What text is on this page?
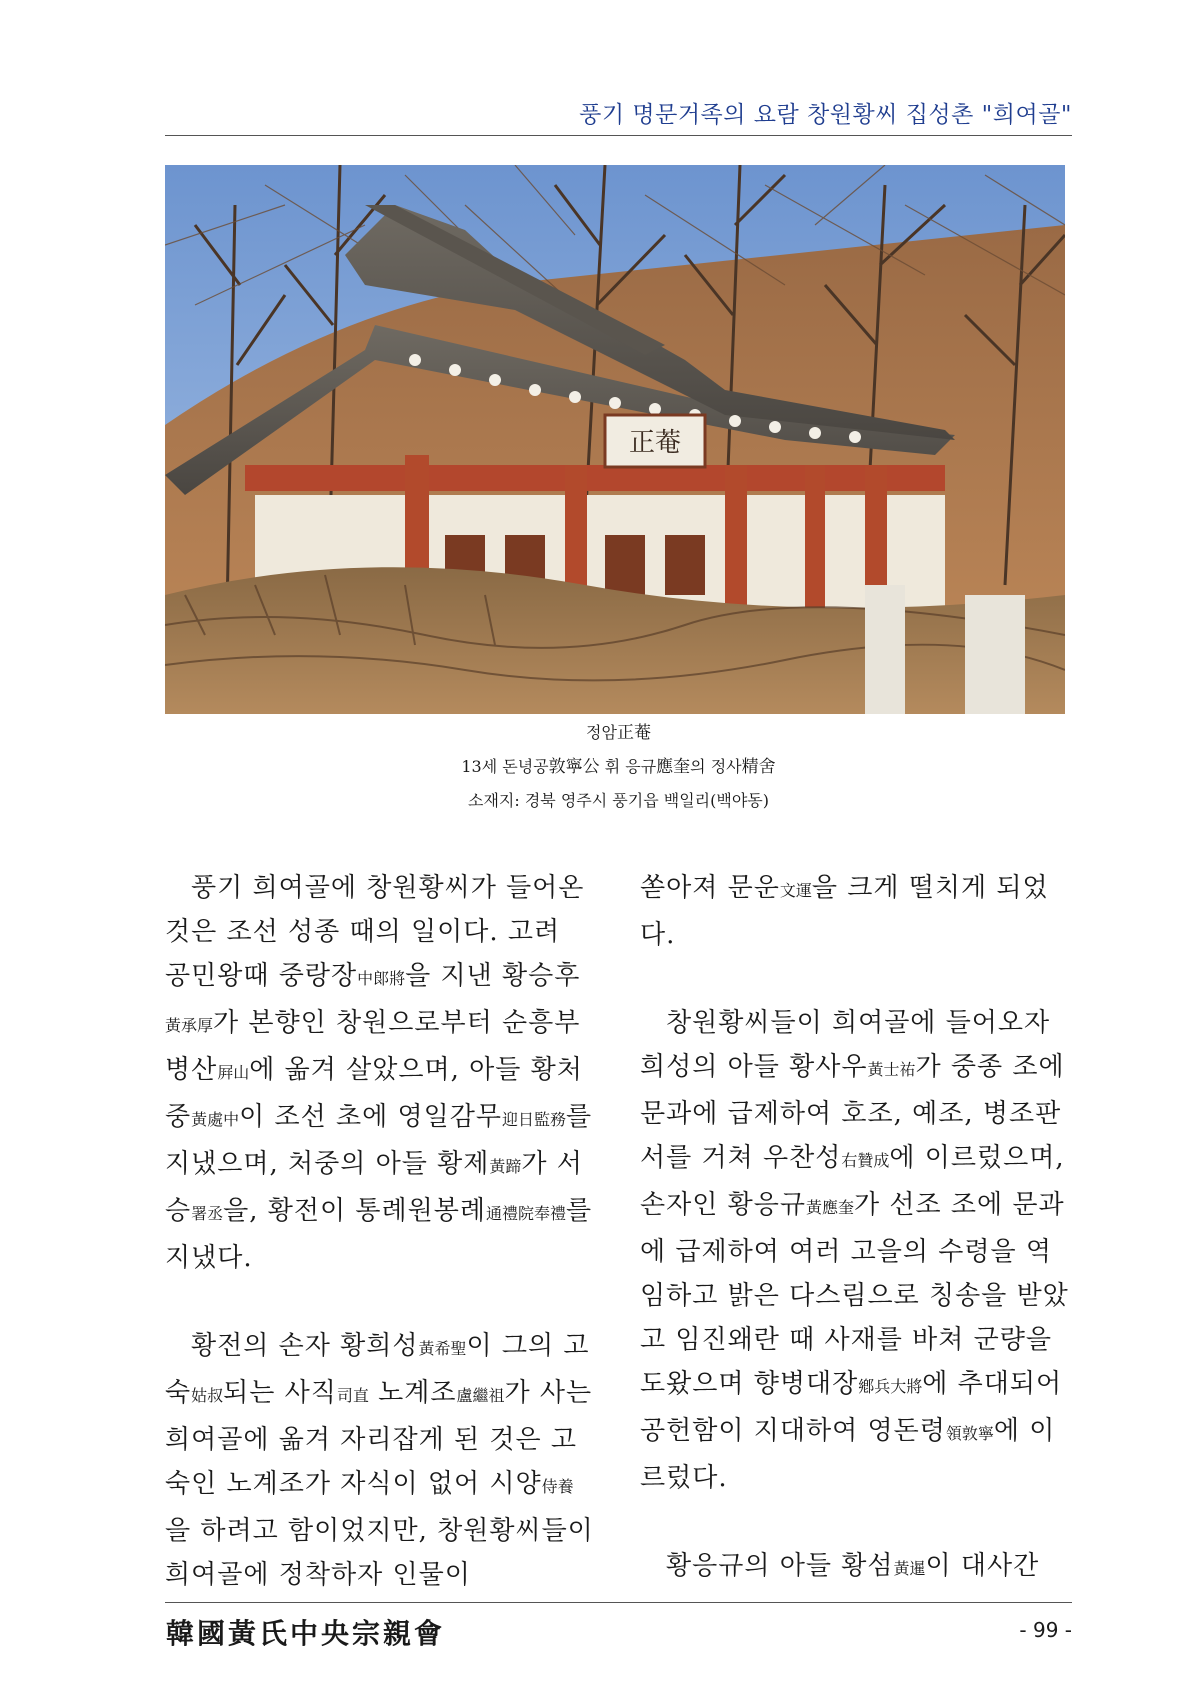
풍기 명문거족의 요람 창원황씨 집성촌 "희여골"
正菴
정암正菴
13세 돈녕공敦寧公 휘 응규應奎의 정사精舍
소재지: 경북 영주시 풍기읍 백일리(백야동)

풍기 희여골에 창원황씨가 들어온 것은 조선 성종 때의 일이다. 고려 공민왕때 중랑장中郞將을 지낸 황승후黃承厚가 본향인 창원으로부터 순흥부 병산屛山에 옮겨 살았으며, 아들 황처중黃處中이 조선 초에 영일감무迎日監務를 지냈으며, 처중의 아들 황제黃蹄가 서승署丞을, 황전이 통례원봉례通禮院奉禮를 지냈다.

황전의 손자 황희성黃希聖이 그의 고숙姑叔되는 사직司直 노계조盧繼祖가 사는 희여골에 옮겨 자리잡게 된 것은 고숙인 노계조가 자식이 없어 시양侍養을 하려고 함이었지만, 창원황씨들이 희여골에 정착하자 인물이

쏟아져 문운文運을 크게 떨치게 되었다.

창원황씨들이 희여골에 들어오자 희성의 아들 황사우黃士祐가 중종 조에 문과에 급제하여 호조, 예조, 병조판서를 거쳐 우찬성右贊成에 이르렀으며, 손자인 황응규黃應奎가 선조 조에 문과에 급제하여 여러 고을의 수령을 역임하고 밝은 다스림으로 칭송을 받았고 임진왜란 때 사재를 바쳐 군량을 도왔으며 향병대장鄕兵大將에 추대되어 공헌함이 지대하여 영돈령領敦寧에 이르렀다.

황응규의 아들 황섬黃暹이 대사간

韓國黃氏中央宗親會	- 99 -
